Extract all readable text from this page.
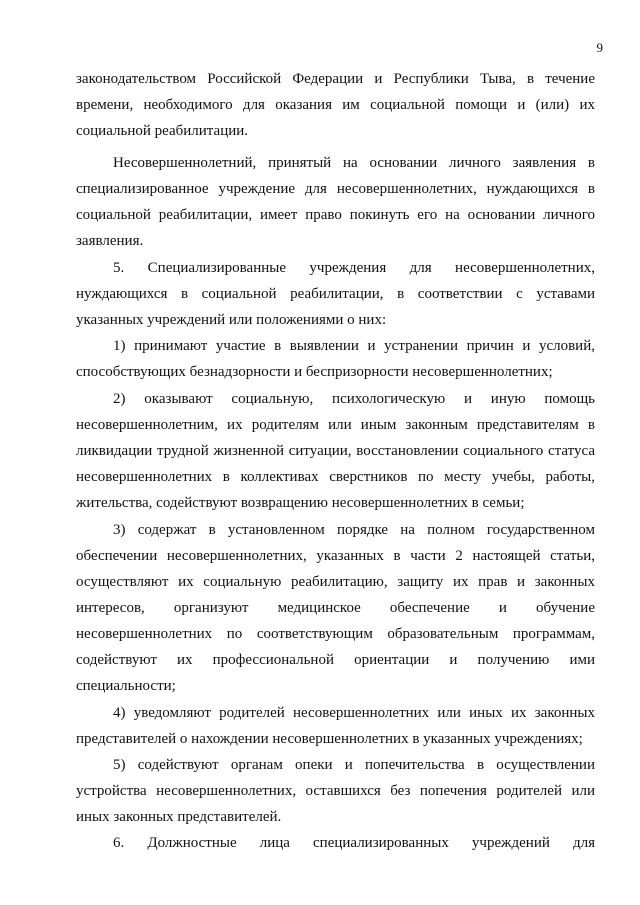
9
законодательством Российской Федерации и Республики Тыва, в течение
времени, необходимого для оказания им социальной помощи и (или) их
социальной реабилитации.
Несовершеннолетний, принятый на основании личного заявления в
специализированное учреждение для несовершеннолетних, нуждающихся в
социальной реабилитации, имеет право покинуть его на основании личного
заявления.
5. Специализированные учреждения для несовершеннолетних,
нуждающихся в социальной реабилитации, в соответствии с уставами
указанных учреждений или положениями о них:
1) принимают участие в выявлении и устранении причин и условий,
способствующих безнадзорности и беспризорности несовершеннолетних;
2) оказывают социальную, психологическую и иную помощь
несовершеннолетним, их родителям или иным законным представителям в
ликвидации трудной жизненной ситуации, восстановлении социального статуса
несовершеннолетних в коллективах сверстников по месту учебы, работы,
жительства, содействуют возвращению несовершеннолетних в семьи;
3) содержат в установленном порядке на полном государственном
обеспечении несовершеннолетних, указанных в части 2 настоящей статьи,
осуществляют их социальную реабилитацию, защиту их прав и законных
интересов, организуют медицинское обеспечение и обучение
несовершеннолетних по соответствующим образовательным программам,
содействуют их профессиональной ориентации и получению ими
специальности;
4) уведомляют родителей несовершеннолетних или иных их законных
представителей о нахождении несовершеннолетних в указанных учреждениях;
5) содействуют органам опеки и попечительства в осуществлении
устройства несовершеннолетних, оставшихся без попечения родителей или
иных законных представителей.
6. Должностные лица специализированных учреждений для
